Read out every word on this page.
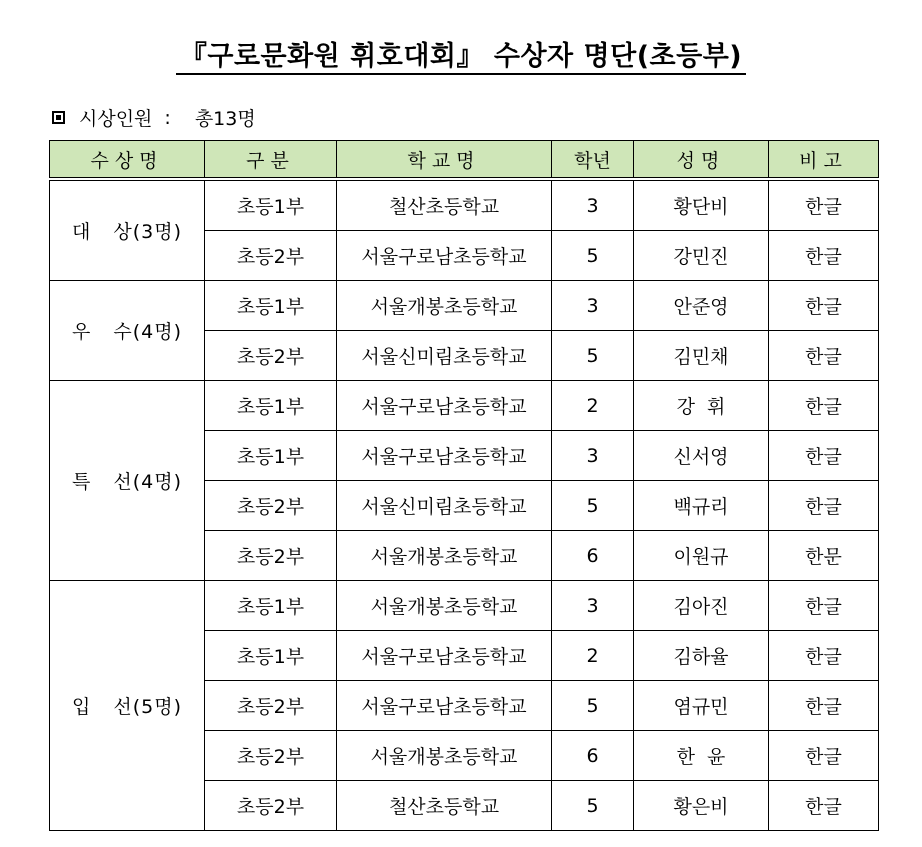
『구로문화원 휘호대회』 수상자 명단(초등부)
시상인원 : 총13명
수상명	구분	학교명	학년	성명	비고
대 상(3명)	초등1부	철산초등학교	3	황단비	한글
	초등2부	서울구로남초등학교	5	강민진	한글
우 수(4명)	초등1부	서울개봉초등학교	3	안준영	한글
	초등2부	서울신미림초등학교	5	김민채	한글
특 선(4명)	초등1부	서울구로남초등학교	2	강  휘	한글
	초등1부	서울구로남초등학교	3	신서영	한글
	초등2부	서울신미림초등학교	5	백규리	한글
	초등2부	서울개봉초등학교	6	이원규	한문
입 선(5명)	초등1부	서울개봉초등학교	3	김아진	한글
	초등1부	서울구로남초등학교	2	김하율	한글
	초등2부	서울구로남초등학교	5	염규민	한글
	초등2부	서울개봉초등학교	6	한  윤	한글
	초등2부	철산초등학교	5	황은비	한글
